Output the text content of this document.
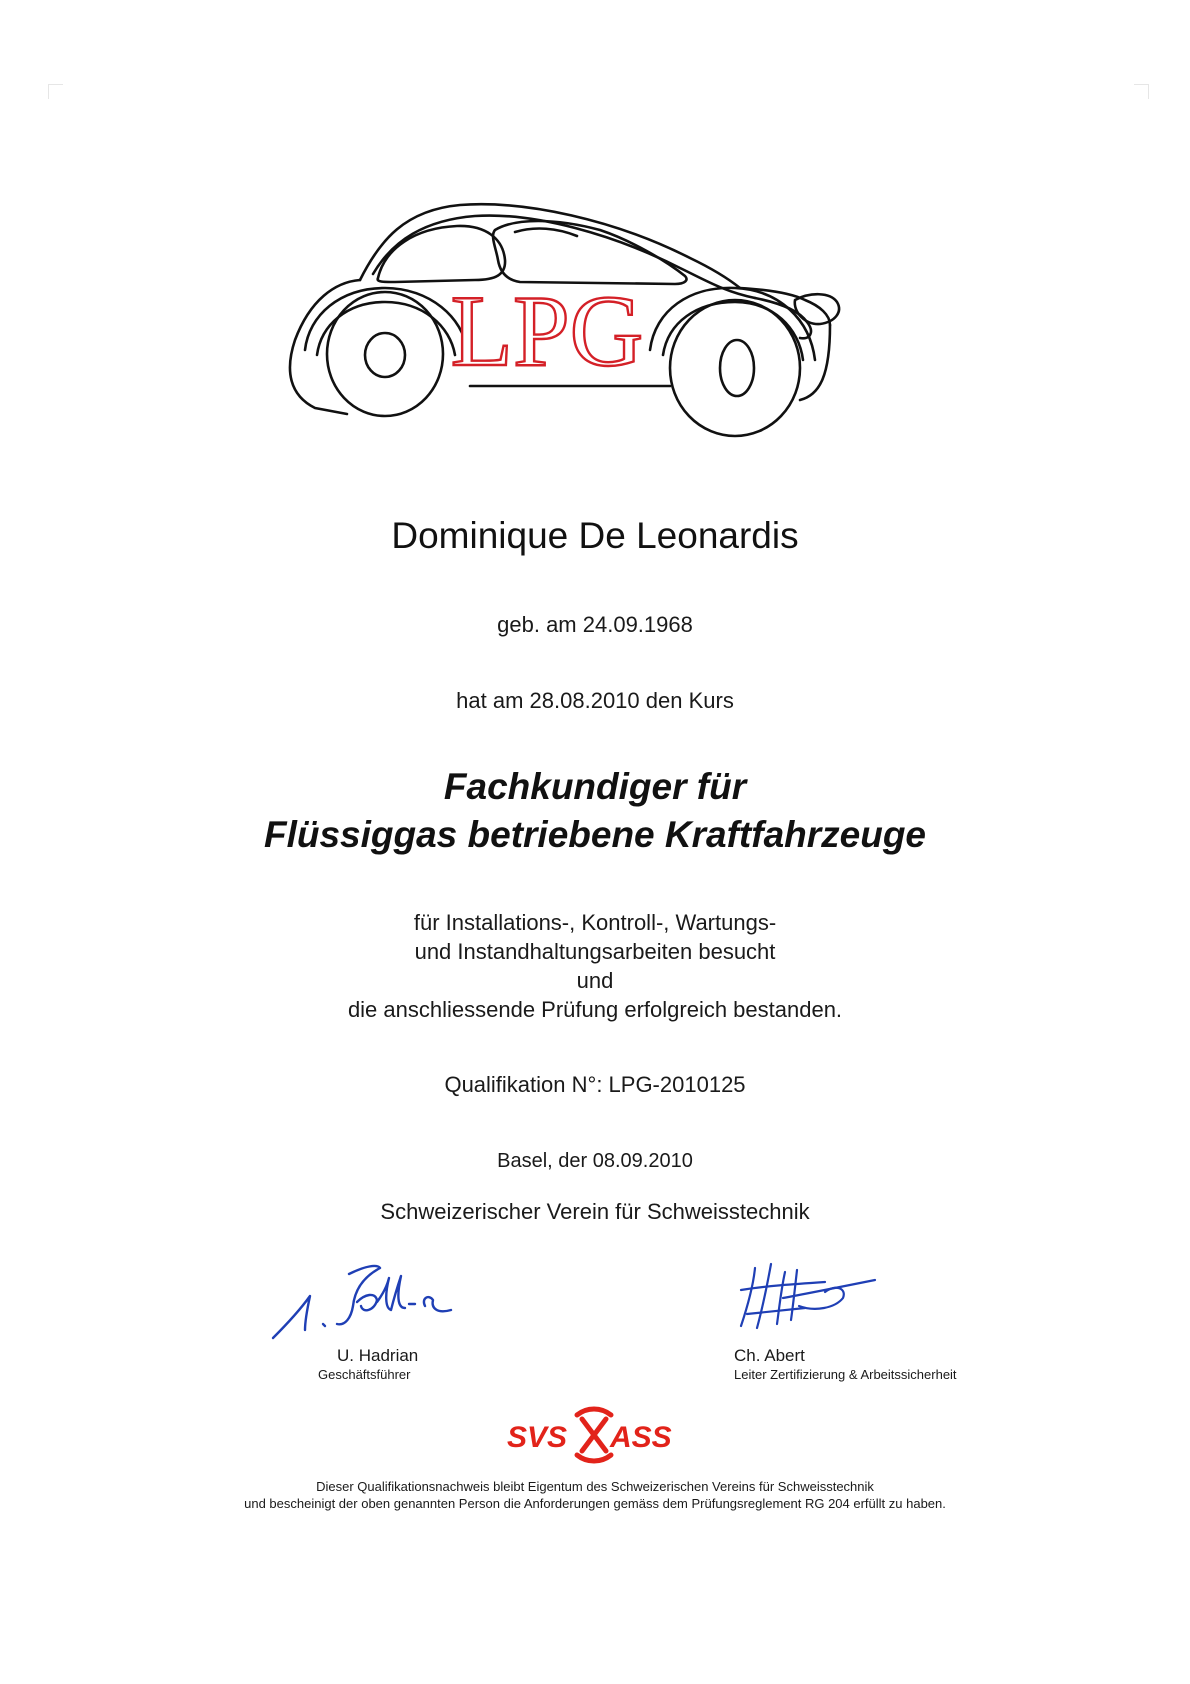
LPG
Dominique De Leonardis
geb. am 24.09.1968
hat am 28.08.2010 den Kurs
Fachkundiger für
Flüssiggas betriebene Kraftfahrzeuge
für Installations-, Kontroll-, Wartungs-
und Instandhaltungsarbeiten besucht
und
die anschliessende Prüfung erfolgreich bestanden.
Qualifikation N°: LPG-2010125
Basel, der 08.09.2010
Schweizerischer Verein für Schweisstechnik
U. Hadrian
Geschäftsführer
Ch. Abert
Leiter Zertifizierung & Arbeitssicherheit
SVS ASS
Dieser Qualifikationsnachweis bleibt Eigentum des Schweizerischen Vereins für Schweisstechnik
und bescheinigt der oben genannten Person die Anforderungen gemäss dem Prüfungsreglement RG 204 erfüllt zu haben.
